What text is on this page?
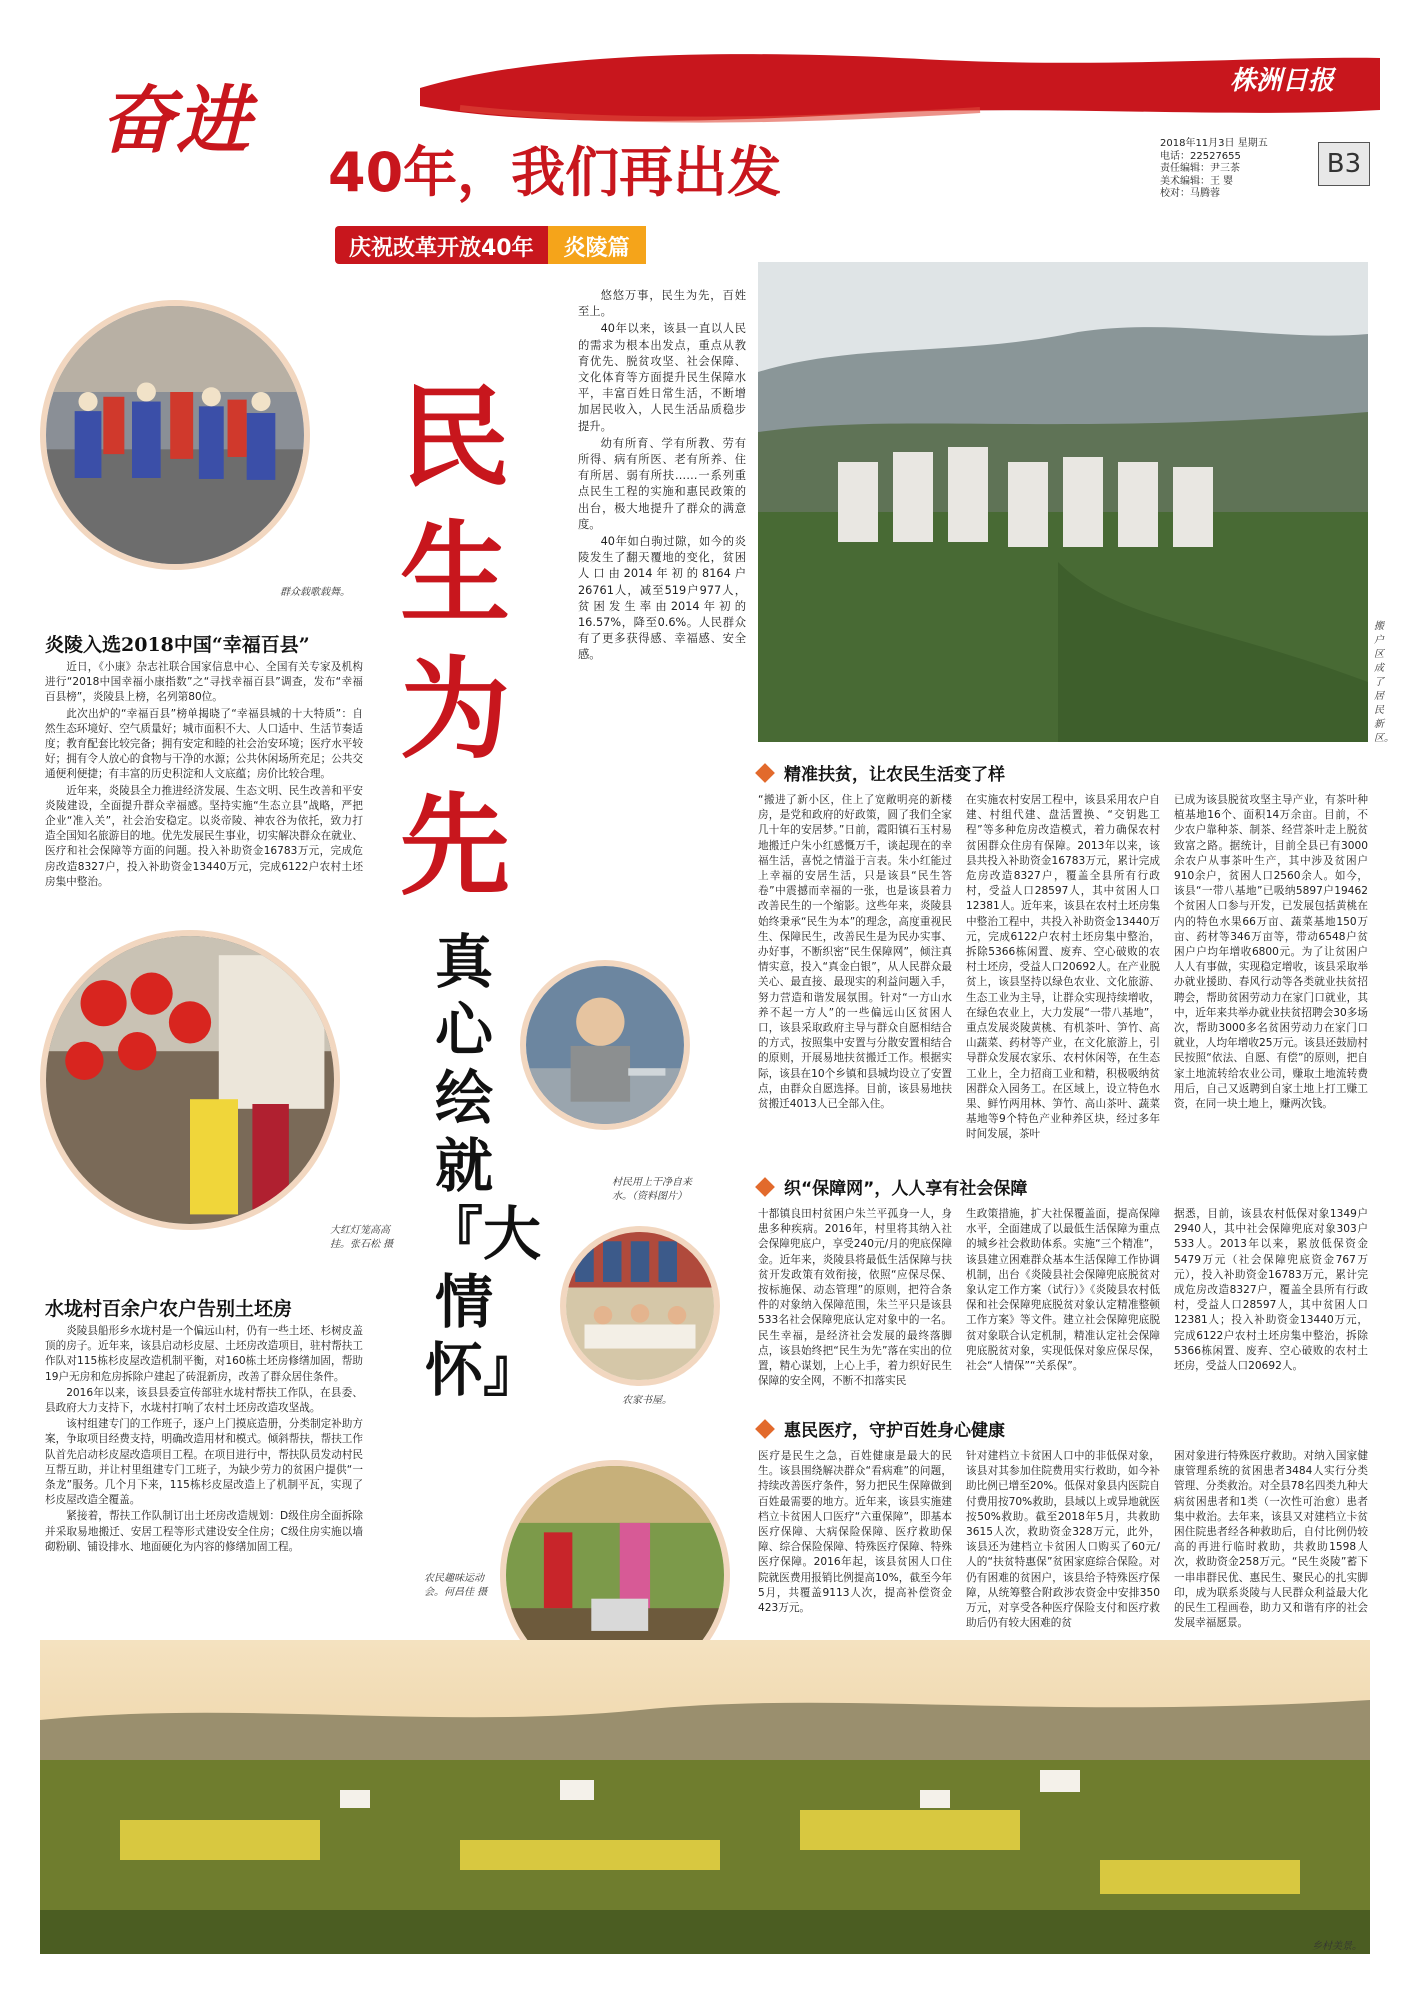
奋进
40年，我们再出发
庆祝改革开放40年	炎陵篇
株洲日报
2018年11月3日 星期五
电话：22527655
责任编辑：尹三茶
美术编辑：王 婴
校对：马腾蓉
B3
群众载歌载舞。
炎陵入选2018中国“幸福百县”

近日，《小康》杂志社联合国家信息中心、全国有关专家及机构进行“2018中国幸福小康指数”之“寻找幸福百县”调查，发布“幸福百县榜”，炎陵县上榜，名列第80位。

此次出炉的“幸福百县”榜单揭晓了“幸福县城的十大特质”：自然生态环境好、空气质量好；城市面积不大、人口适中、生活节奏适度；教育配套比较完备；拥有安定和睦的社会治安环境；医疗水平较好；拥有令人放心的食物与干净的水源；公共休闲场所充足；公共交通便利便捷；有丰富的历史积淀和人文底蕴；房价比较合理。

近年来，炎陵县全力推进经济发展、生态文明、民生改善和平安炎陵建设，全面提升群众幸福感。坚持实施“生态立县”战略，严把企业“准入关”，社会治安稳定。以炎帝陵、神农谷为依托，致力打造全国知名旅游目的地。优先发展民生事业，切实解决群众在就业、医疗和社会保障等方面的问题。投入补助资金16783万元，完成危房改造8327户，投入补助资金13440万元，完成6122户农村土坯房集中整治。

大红灯笼高高挂。张石松 摄
水垅村百余户农户告别土坯房

炎陵县船形乡水垅村是一个偏远山村，仍有一些土坯、杉树皮盖顶的房子。近年来，该县启动杉皮屋、土坯房改造项目，驻村帮扶工作队对115栋杉皮屋改造机制平衡，对160栋土坯房修缮加固，帮助19户无房和危房拆除户建起了砖混新房，改善了群众居住条件。

2016年以来，该县县委宣传部驻水垅村帮扶工作队，在县委、县政府大力支持下，水垅村打响了农村土坯房改造攻坚战。

该村组建专门的工作班子，逐户上门摸底造册，分类制定补助方案，争取项目经费支持，明确改造用材和模式。倾斜帮扶，帮扶工作队首先启动杉皮屋改造项目工程。在项目进行中，帮扶队员发动村民互帮互助，并让村里组建专门工班子，为缺少劳力的贫困户提供“一条龙”服务。几个月下来，115栋杉皮屋改造上了机制平瓦，实现了杉皮屋改造全覆盖。

紧接着，帮扶工作队制订出土坯房改造规划：D级住房全面拆除并采取易地搬迁、安居工程等形式建设安全住房；C级住房实施以墙砌粉刷、铺设排水、地面硬化为内容的修缮加固工程。

民生为先
真心绘就『大情怀』

悠悠万事，民生为先，百姓至上。

40年以来，该县一直以人民的需求为根本出发点，重点从教育优先、脱贫攻坚、社会保障、文化体育等方面提升民生保障水平，丰富百姓日常生活，不断增加居民收入，人民生活品质稳步提升。

幼有所育、学有所教、劳有所得、病有所医、老有所养、住有所居、弱有所扶……一系列重点民生工程的实施和惠民政策的出台，极大地提升了群众的满意度。

40年如白驹过隙，如今的炎陵发生了翻天覆地的变化，贫困人口由2014年初的8164户26761人，减至519户977人，贫困发生率由2014年初的16.57%，降至0.6%。人民群众有了更多获得感、幸福感、安全感。

村民用上干净自来水。（资料图片）
农家书屋。
农民趣味运动会。何昌佳 摄
搬户区成了居民新区。
精准扶贫，让农民生活变了样
“搬进了新小区，住上了宽敞明亮的新楼房，是党和政府的好政策，圆了我们全家几十年的安居梦。”日前，霞阳镇石玉村易地搬迁户朱小红感慨万千，谈起现在的幸福生活，喜悦之情溢于言表。朱小红能过上幸福的安居生活，只是该县“民生答卷”中震撼而幸福的一张，也是该县着力改善民生的一个缩影。这些年来，炎陵县始终秉承“民生为本”的理念，高度重视民生、保障民生，改善民生是为民办实事、办好事，不断织密“民生保障网”，倾注真情实意，投入“真金白银”，从人民群众最关心、最直接、最现实的利益问题入手，努力营造和谐发展氛围。针对“一方山水养不起一方人”的一些偏远山区贫困人口，该县采取政府主导与群众自愿相结合的方式，按照集中安置与分散安置相结合的原则，开展易地扶贫搬迁工作。根据实际，该县在10个乡镇和县城均设立了安置点，由群众自愿选择。目前，该县易地扶贫搬迁4013人已全部入住。
在实施农村安居工程中，该县采用农户自建、村组代建、盘活置换、“交钥匙工程”等多种危房改造模式，着力确保农村贫困群众住房有保障。2013年以来，该县共投入补助资金16783万元，累计完成危房改造8327户，覆盖全县所有行政村，受益人口28597人，其中贫困人口12381人。近年来，该县在农村土坯房集中整治工程中，共投入补助资金13440万元，完成6122户农村土坯房集中整治，拆除5366栋闲置、废弃、空心破败的农村土坯房，受益人口20692人。在产业脱贫上，该县坚持以绿色农业、文化旅游、生态工业为主导，让群众实现持续增收，在绿色农业上，大力发展“一带八基地”，重点发展炎陵黄桃、有机茶叶、笋竹、高山蔬菜、药材等产业，在文化旅游上，引导群众发展农家乐、农村休闲等，在生态工业上，全力招商工业和精，积极吸纳贫困群众入园务工。在区域上，设立特色水果、鲜竹两用林、笋竹、高山茶叶、蔬菜基地等9个特色产业种养区块，经过多年时间发展，茶叶
已成为该县脱贫攻坚主导产业，有茶叶种植基地16个、面积14万余亩。目前，不少农户靠种茶、制茶、经营茶叶走上脱贫致富之路。据统计，目前全县已有3000余农户从事茶叶生产，其中涉及贫困户910余户，贫困人口2560余人。如今，该县“一带八基地”已吸纳5897户19462个贫困人口参与开发，已发展包括黄桃在内的特色水果66万亩、蔬菜基地150万亩、药材等346万亩等，带动6548户贫困户户均年增收6800元。为了让贫困户人人有事做，实现稳定增收，该县采取举办就业援助、春风行动等各类就业扶贫招聘会，帮助贫困劳动力在家门口就业，其中，近年来共举办就业扶贫招聘会30多场次，帮助3000多名贫困劳动力在家门口就业，人均年增收25万元。该县还鼓励村民按照“依法、自愿、有偿”的原则，把自家土地流转给农业公司，赚取土地流转费用后，自己又返聘到自家土地上打工赚工资，在同一块土地上，赚两次钱。
织“保障网”，人人享有社会保障
十都镇良田村贫困户朱兰平孤身一人，身患多种疾病。2016年，村里将其纳入社会保障兜底户，享受240元/月的兜底保障金。近年来，炎陵县将最低生活保障与扶贫开发政策有效衔接，依照“应保尽保、按标施保、动态管理”的原则，把符合条件的对象纳入保障范围，朱兰平只是该县533名社会保障兜底认定对象中的一名。民生幸福，是经济社会发展的最终落脚点，该县始终把“民生为先”落在实出的位置，精心谋划，上心上手，着力织好民生保障的安全网，不断不扣落实民
生政策措施，扩大社保覆盖面，提高保障水平，全面建成了以最低生活保障为重点的城乡社会救助体系。实施“三个精准”，该县建立困难群众基本生活保障工作协调机制，出台《炎陵县社会保障兜底脱贫对象认定工作方案（试行）》《炎陵县农村低保和社会保障兜底脱贫对象认定精准整顿工作方案》等文件。建立社会保障兜底脱贫对象联合认定机制，精准认定社会保障兜底脱贫对象，实现低保对象应保尽保，社会“人情保”“关系保”。
据悉，目前，该县农村低保对象1349户2940人，其中社会保障兜底对象303户533人。2013年以来，累放低保资金5479万元（社会保障兜底资金767万元），投入补助资金16783万元，累计完成危房改造8327户，覆盖全县所有行政村，受益人口28597人，其中贫困人口12381人；投入补助资金13440万元，完成6122户农村土坯房集中整治，拆除5366栋闲置、废弃、空心破败的农村土坯房，受益人口20692人。
惠民医疗，守护百姓身心健康
医疗是民生之急，百姓健康是最大的民生。该县围绕解决群众“看病难”的问题，持续改善医疗条件，努力把民生保障做到百姓最需要的地方。近年来，该县实施建档立卡贫困人口医疗“六重保障”，即基本医疗保障、大病保险保障、医疗救助保障、综合保险保障、特殊医疗保障、特殊医疗保障。2016年起，该县贫困人口住院就医费用报销比例提高10%，截至今年5月，共覆盖9113人次，提高补偿资金423万元。
针对建档立卡贫困人口中的非低保对象，该县对其参加住院费用实行救助，如今补助比例已增至20%。低保对象县内医院自付费用按70%救助，县域以上或异地就医按50%救助。截至2018年5月，共救助3615人次，救助资金328万元，此外，该县还为建档立卡贫困人口购买了60元/人的“扶贫特惠保”贫困家庭综合保险。对仍有困难的贫困户，该县给予特殊医疗保障，从统筹整合附政涉农资金中安排350万元，对享受各种医疗保险支付和医疗救助后仍有较大困难的贫
困对象进行特殊医疗救助。对纳入国家健康管理系统的贫困患者3484人实行分类管理、分类救治。对全县78名四类九种大病贫困患者和1类（一次性可治愈）患者集中救治。去年来，该县又对建档立卡贫困住院患者经各种救助后，自付比例仍较高的再进行临时救助，共救助1598人次，救助资金258万元。“民生炎陵”蓄下一串串群民优、惠民生、聚民心的扎实脚印，成为联系炎陵与人民群众利益最大化的民生工程画卷，助力又和谐有序的社会发展幸福愿景。
乡村美景。
